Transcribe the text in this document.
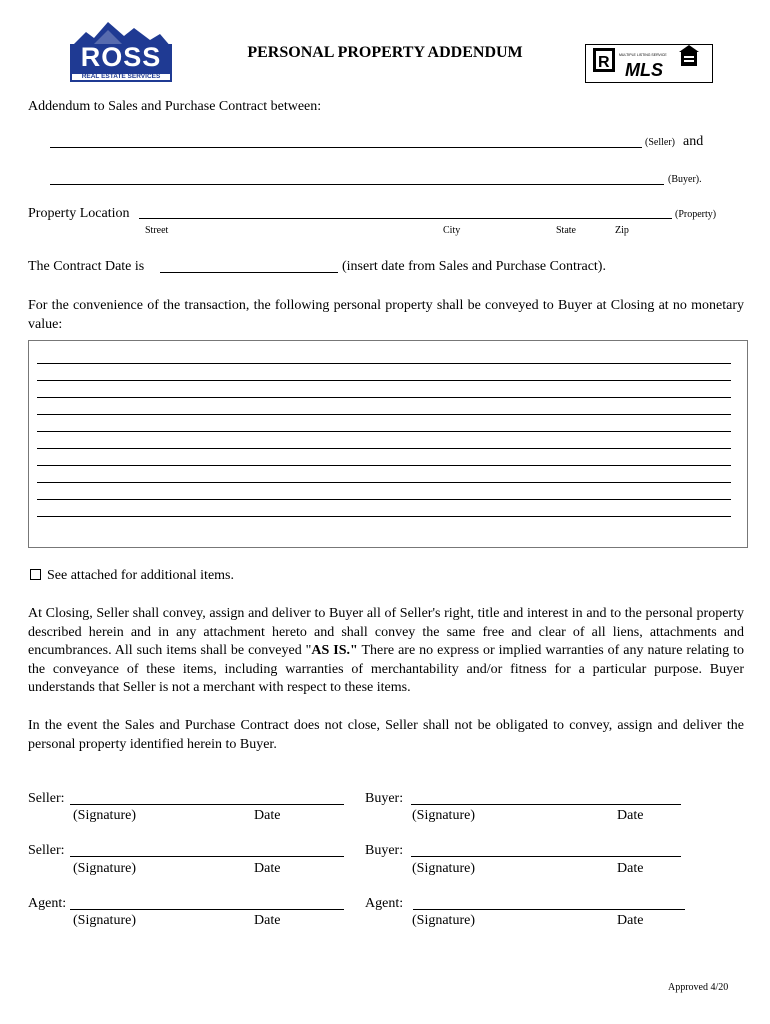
ROSS
REAL ESTATE SERVICES
PERSONAL PROPERTY ADDENDUM
R	MULTIPLE LISTING SERVICE
MLS
Addendum to Sales and Purchase Contract between:
(Seller) and
(Buyer).
Property Location	(Property)
Street	City	State	Zip
The Contract Date is	(insert date from Sales and Purchase Contract).
For the convenience of the transaction, the following personal property shall be conveyed to Buyer at Closing at no monetary value:
See attached for additional items.
At Closing, Seller shall convey, assign and deliver to Buyer all of Seller's right, title and interest in and to the personal property described herein and in any attachment hereto and shall convey the same free and clear of all liens, attachments and encumbrances. All such items shall be conveyed "AS IS." There are no express or implied warranties of any nature relating to the conveyance of these items, including warranties of merchantability and/or fitness for a particular purpose. Buyer understands that Seller is not a merchant with respect to these items.
In the event the Sales and Purchase Contract does not close, Seller shall not be obligated to convey, assign and deliver the personal property identified herein to Buyer.
Seller:
(Signature)	Date
Buyer:
(Signature)	Date
Seller:
(Signature)	Date
Buyer:
(Signature)	Date
Agent:
(Signature)	Date
Agent:
(Signature)	Date
Approved 4/20
